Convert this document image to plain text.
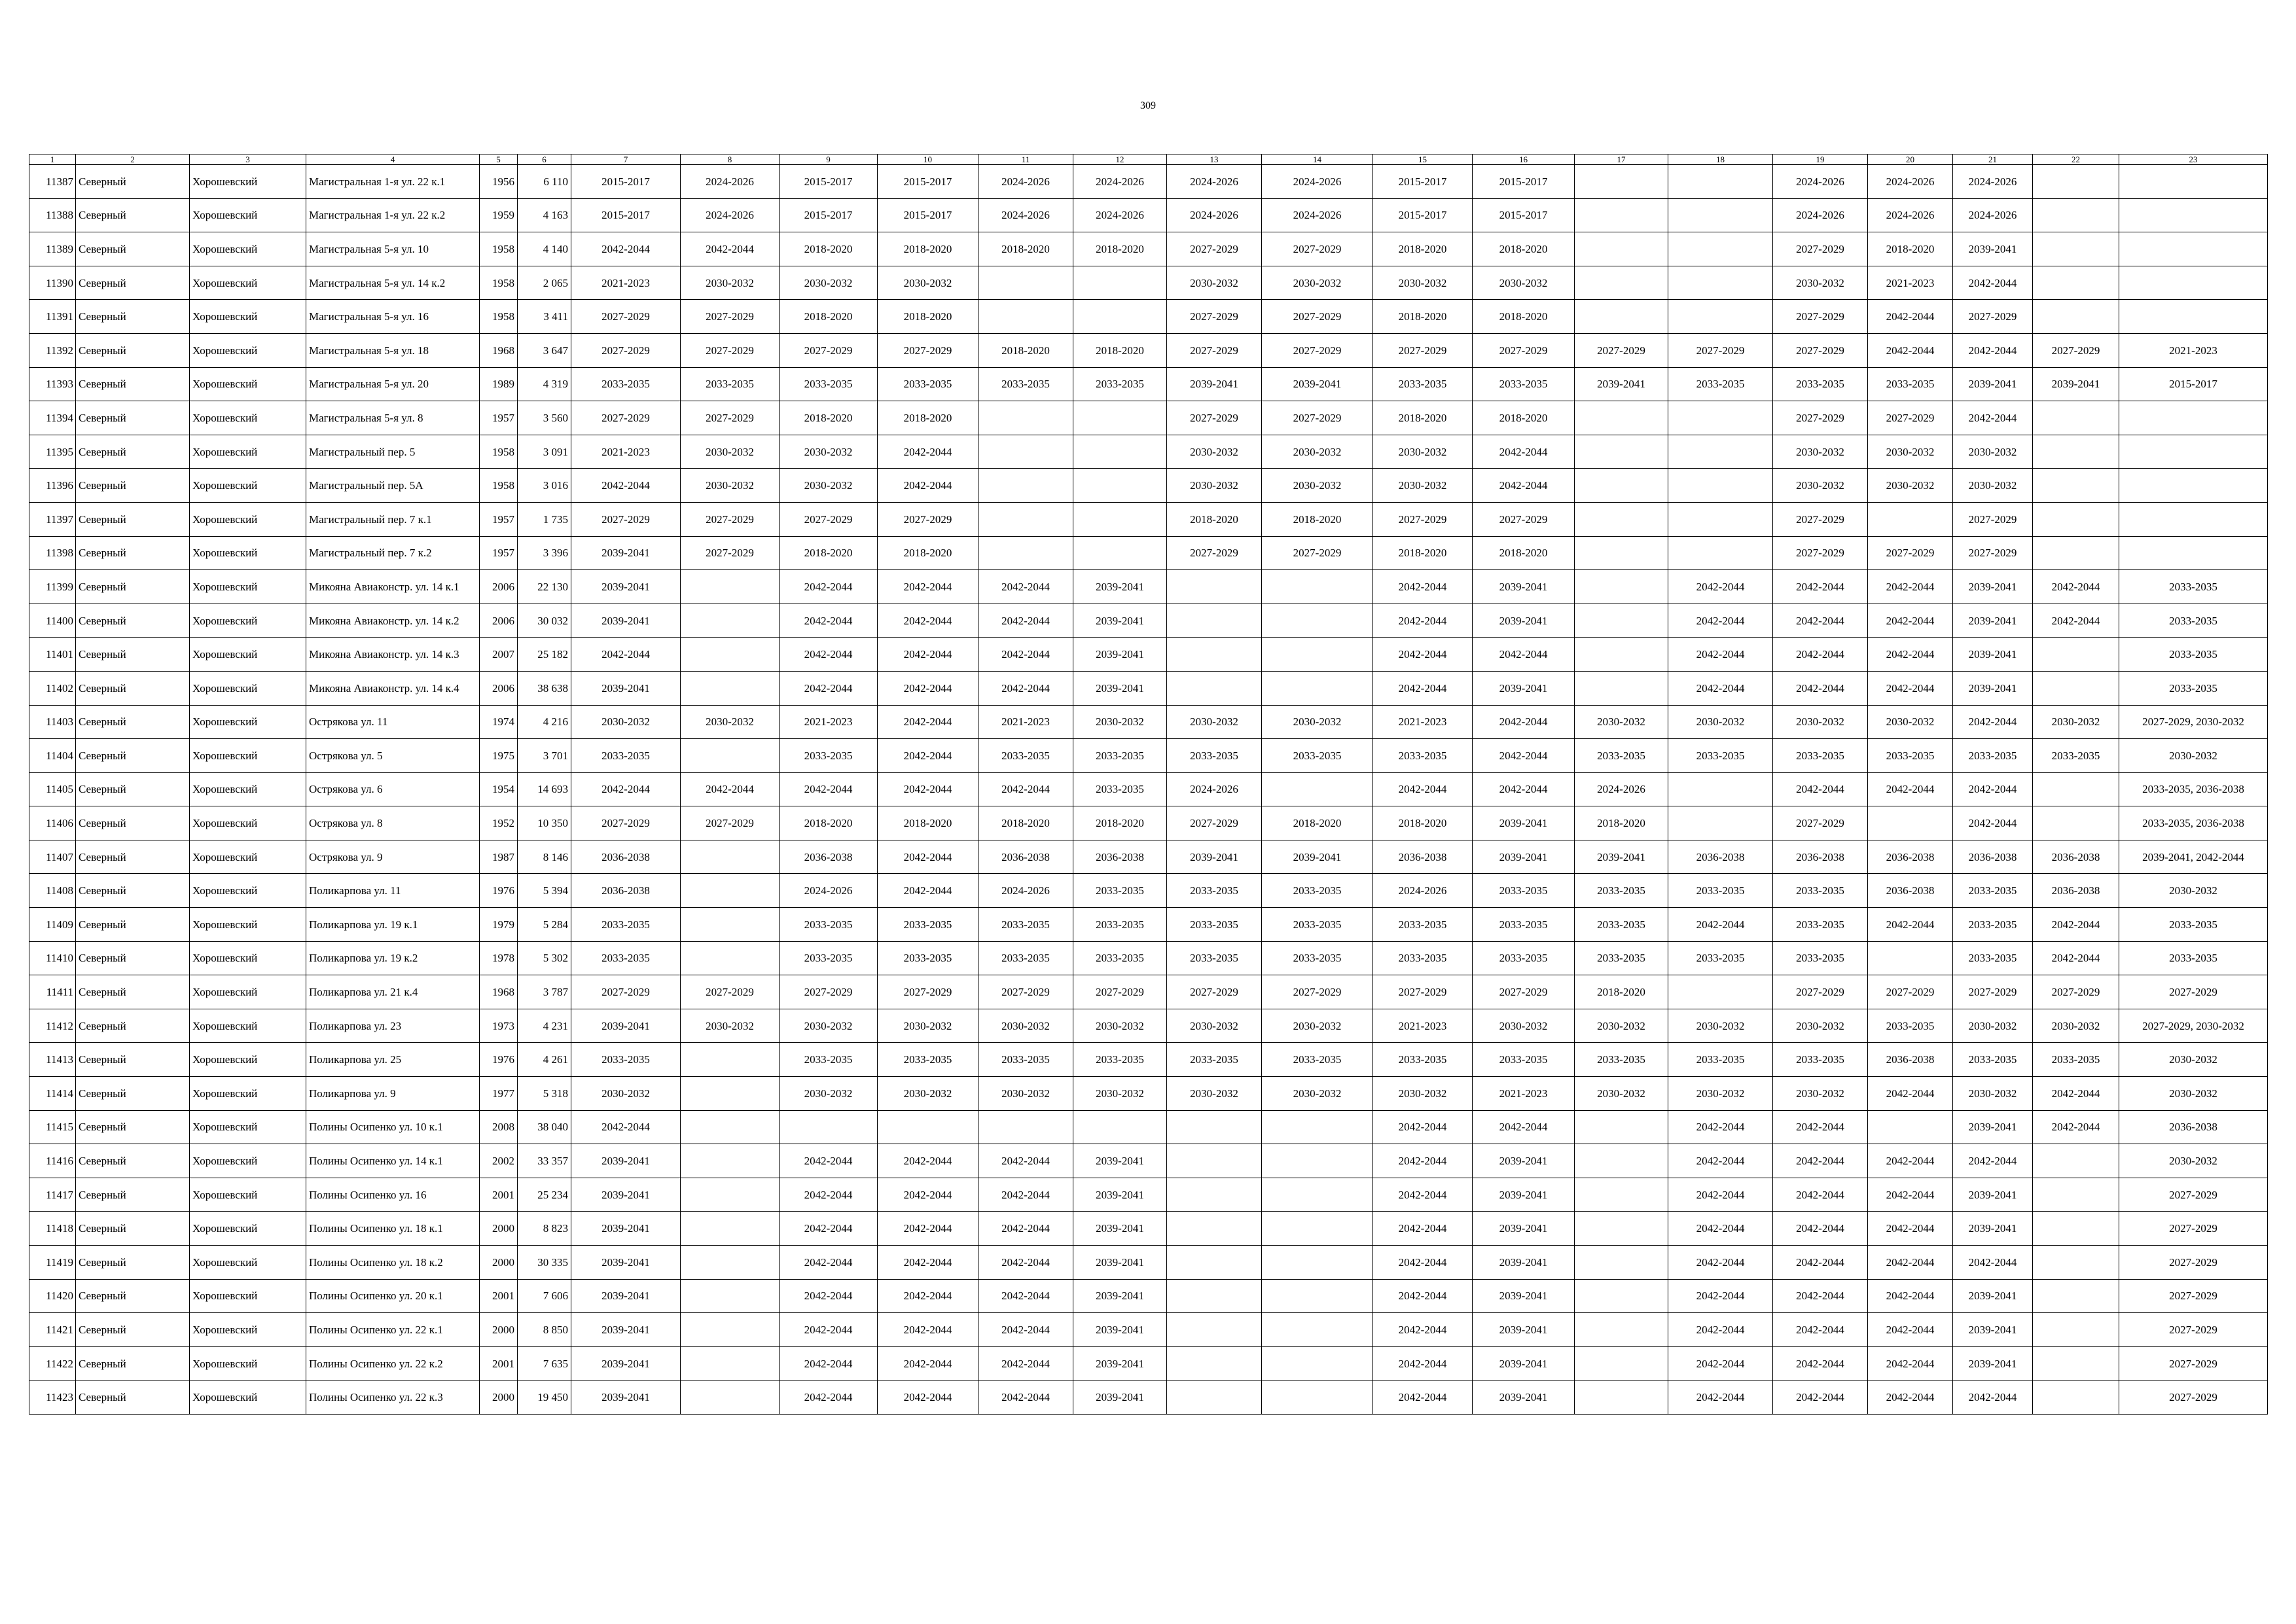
309
1	2	3	4	5	6	7	8	9	10	11	12	13	14	15	16	17	18	19	20	21	22	23
11387	Северный	Хорошевский	Магистральная 1-я ул. 22 к.1	1956	6 110	2015-2017	2024-2026	2015-2017	2015-2017	2024-2026	2024-2026	2024-2026	2024-2026	2015-2017	2015-2017			2024-2026	2024-2026	2024-2026		
11388	Северный	Хорошевский	Магистральная 1-я ул. 22 к.2	1959	4 163	2015-2017	2024-2026	2015-2017	2015-2017	2024-2026	2024-2026	2024-2026	2024-2026	2015-2017	2015-2017			2024-2026	2024-2026	2024-2026		
11389	Северный	Хорошевский	Магистральная 5-я ул. 10	1958	4 140	2042-2044	2042-2044	2018-2020	2018-2020	2018-2020	2018-2020	2027-2029	2027-2029	2018-2020	2018-2020			2027-2029	2018-2020	2039-2041		
11390	Северный	Хорошевский	Магистральная 5-я ул. 14 к.2	1958	2 065	2021-2023	2030-2032	2030-2032	2030-2032			2030-2032	2030-2032	2030-2032	2030-2032			2030-2032	2021-2023	2042-2044		
11391	Северный	Хорошевский	Магистральная 5-я ул. 16	1958	3 411	2027-2029	2027-2029	2018-2020	2018-2020			2027-2029	2027-2029	2018-2020	2018-2020			2027-2029	2042-2044	2027-2029		
11392	Северный	Хорошевский	Магистральная 5-я ул. 18	1968	3 647	2027-2029	2027-2029	2027-2029	2027-2029	2018-2020	2018-2020	2027-2029	2027-2029	2027-2029	2027-2029	2027-2029	2027-2029	2027-2029	2042-2044	2042-2044	2027-2029	2021-2023
11393	Северный	Хорошевский	Магистральная 5-я ул. 20	1989	4 319	2033-2035	2033-2035	2033-2035	2033-2035	2033-2035	2033-2035	2039-2041	2039-2041	2033-2035	2033-2035	2039-2041	2033-2035	2033-2035	2033-2035	2039-2041	2039-2041	2015-2017
11394	Северный	Хорошевский	Магистральная 5-я ул. 8	1957	3 560	2027-2029	2027-2029	2018-2020	2018-2020			2027-2029	2027-2029	2018-2020	2018-2020			2027-2029	2027-2029	2042-2044		
11395	Северный	Хорошевский	Магистральный пер. 5	1958	3 091	2021-2023	2030-2032	2030-2032	2042-2044			2030-2032	2030-2032	2030-2032	2042-2044			2030-2032	2030-2032	2030-2032		
11396	Северный	Хорошевский	Магистральный пер. 5А	1958	3 016	2042-2044	2030-2032	2030-2032	2042-2044			2030-2032	2030-2032	2030-2032	2042-2044			2030-2032	2030-2032	2030-2032		
11397	Северный	Хорошевский	Магистральный пер. 7 к.1	1957	1 735	2027-2029	2027-2029	2027-2029	2027-2029			2018-2020	2018-2020	2027-2029	2027-2029			2027-2029		2027-2029		
11398	Северный	Хорошевский	Магистральный пер. 7 к.2	1957	3 396	2039-2041	2027-2029	2018-2020	2018-2020			2027-2029	2027-2029	2018-2020	2018-2020			2027-2029	2027-2029	2027-2029		
11399	Северный	Хорошевский	Микояна Авиаконстр. ул. 14 к.1	2006	22 130	2039-2041		2042-2044	2042-2044	2042-2044	2039-2041			2042-2044	2039-2041		2042-2044	2042-2044	2042-2044	2039-2041	2042-2044	2033-2035
11400	Северный	Хорошевский	Микояна Авиаконстр. ул. 14 к.2	2006	30 032	2039-2041		2042-2044	2042-2044	2042-2044	2039-2041			2042-2044	2039-2041		2042-2044	2042-2044	2042-2044	2039-2041	2042-2044	2033-2035
11401	Северный	Хорошевский	Микояна Авиаконстр. ул. 14 к.3	2007	25 182	2042-2044		2042-2044	2042-2044	2042-2044	2039-2041			2042-2044	2042-2044		2042-2044	2042-2044	2042-2044	2039-2041		2033-2035
11402	Северный	Хорошевский	Микояна Авиаконстр. ул. 14 к.4	2006	38 638	2039-2041		2042-2044	2042-2044	2042-2044	2039-2041			2042-2044	2039-2041		2042-2044	2042-2044	2042-2044	2039-2041		2033-2035
11403	Северный	Хорошевский	Острякова ул. 11	1974	4 216	2030-2032	2030-2032	2021-2023	2042-2044	2021-2023	2030-2032	2030-2032	2030-2032	2021-2023	2042-2044	2030-2032	2030-2032	2030-2032	2030-2032	2042-2044	2030-2032	2027-2029, 2030-2032
11404	Северный	Хорошевский	Острякова ул. 5	1975	3 701	2033-2035		2033-2035	2042-2044	2033-2035	2033-2035	2033-2035	2033-2035	2033-2035	2042-2044	2033-2035	2033-2035	2033-2035	2033-2035	2033-2035	2033-2035	2030-2032
11405	Северный	Хорошевский	Острякова ул. 6	1954	14 693	2042-2044	2042-2044	2042-2044	2042-2044	2042-2044	2033-2035	2024-2026		2042-2044	2042-2044	2024-2026		2042-2044	2042-2044	2042-2044		2033-2035, 2036-2038
11406	Северный	Хорошевский	Острякова ул. 8	1952	10 350	2027-2029	2027-2029	2018-2020	2018-2020	2018-2020	2018-2020	2027-2029	2018-2020	2018-2020	2039-2041	2018-2020		2027-2029		2042-2044		2033-2035, 2036-2038
11407	Северный	Хорошевский	Острякова ул. 9	1987	8 146	2036-2038		2036-2038	2042-2044	2036-2038	2036-2038	2039-2041	2039-2041	2036-2038	2039-2041	2039-2041	2036-2038	2036-2038	2036-2038	2036-2038	2036-2038	2039-2041, 2042-2044
11408	Северный	Хорошевский	Поликарпова ул. 11	1976	5 394	2036-2038		2024-2026	2042-2044	2024-2026	2033-2035	2033-2035	2033-2035	2024-2026	2033-2035	2033-2035	2033-2035	2033-2035	2036-2038	2033-2035	2036-2038	2030-2032
11409	Северный	Хорошевский	Поликарпова ул. 19 к.1	1979	5 284	2033-2035		2033-2035	2033-2035	2033-2035	2033-2035	2033-2035	2033-2035	2033-2035	2033-2035	2033-2035	2042-2044	2033-2035	2042-2044	2033-2035	2042-2044	2033-2035
11410	Северный	Хорошевский	Поликарпова ул. 19 к.2	1978	5 302	2033-2035		2033-2035	2033-2035	2033-2035	2033-2035	2033-2035	2033-2035	2033-2035	2033-2035	2033-2035	2033-2035	2033-2035		2033-2035	2042-2044	2033-2035
11411	Северный	Хорошевский	Поликарпова ул. 21 к.4	1968	3 787	2027-2029	2027-2029	2027-2029	2027-2029	2027-2029	2027-2029	2027-2029	2027-2029	2027-2029	2027-2029	2018-2020		2027-2029	2027-2029	2027-2029	2027-2029	2027-2029
11412	Северный	Хорошевский	Поликарпова ул. 23	1973	4 231	2039-2041	2030-2032	2030-2032	2030-2032	2030-2032	2030-2032	2030-2032	2030-2032	2021-2023	2030-2032	2030-2032	2030-2032	2030-2032	2033-2035	2030-2032	2030-2032	2027-2029, 2030-2032
11413	Северный	Хорошевский	Поликарпова ул. 25	1976	4 261	2033-2035		2033-2035	2033-2035	2033-2035	2033-2035	2033-2035	2033-2035	2033-2035	2033-2035	2033-2035	2033-2035	2033-2035	2036-2038	2033-2035	2033-2035	2030-2032
11414	Северный	Хорошевский	Поликарпова ул. 9	1977	5 318	2030-2032		2030-2032	2030-2032	2030-2032	2030-2032	2030-2032	2030-2032	2030-2032	2021-2023	2030-2032	2030-2032	2030-2032	2042-2044	2030-2032	2042-2044	2030-2032
11415	Северный	Хорошевский	Полины Осипенко ул. 10 к.1	2008	38 040	2042-2044								2042-2044	2042-2044		2042-2044	2042-2044		2039-2041	2042-2044	2036-2038
11416	Северный	Хорошевский	Полины Осипенко ул. 14 к.1	2002	33 357	2039-2041		2042-2044	2042-2044	2042-2044	2039-2041			2042-2044	2039-2041		2042-2044	2042-2044	2042-2044	2042-2044		2030-2032
11417	Северный	Хорошевский	Полины Осипенко ул. 16	2001	25 234	2039-2041		2042-2044	2042-2044	2042-2044	2039-2041			2042-2044	2039-2041		2042-2044	2042-2044	2042-2044	2039-2041		2027-2029
11418	Северный	Хорошевский	Полины Осипенко ул. 18 к.1	2000	8 823	2039-2041		2042-2044	2042-2044	2042-2044	2039-2041			2042-2044	2039-2041		2042-2044	2042-2044	2042-2044	2039-2041		2027-2029
11419	Северный	Хорошевский	Полины Осипенко ул. 18 к.2	2000	30 335	2039-2041		2042-2044	2042-2044	2042-2044	2039-2041			2042-2044	2039-2041		2042-2044	2042-2044	2042-2044	2042-2044		2027-2029
11420	Северный	Хорошевский	Полины Осипенко ул. 20 к.1	2001	7 606	2039-2041		2042-2044	2042-2044	2042-2044	2039-2041			2042-2044	2039-2041		2042-2044	2042-2044	2042-2044	2039-2041		2027-2029
11421	Северный	Хорошевский	Полины Осипенко ул. 22 к.1	2000	8 850	2039-2041		2042-2044	2042-2044	2042-2044	2039-2041			2042-2044	2039-2041		2042-2044	2042-2044	2042-2044	2039-2041		2027-2029
11422	Северный	Хорошевский	Полины Осипенко ул. 22 к.2	2001	7 635	2039-2041		2042-2044	2042-2044	2042-2044	2039-2041			2042-2044	2039-2041		2042-2044	2042-2044	2042-2044	2039-2041		2027-2029
11423	Северный	Хорошевский	Полины Осипенко ул. 22 к.3	2000	19 450	2039-2041		2042-2044	2042-2044	2042-2044	2039-2041			2042-2044	2039-2041		2042-2044	2042-2044	2042-2044	2042-2044		2027-2029
